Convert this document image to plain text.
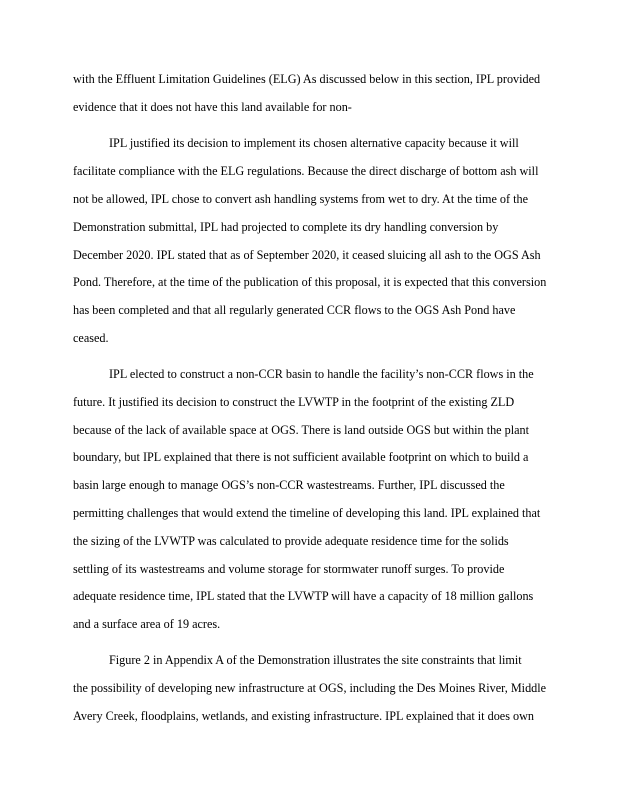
with the Effluent Limitation Guidelines (ELG) As discussed below in this section, IPL provided
evidence that it does not have this land available for non-
IPL justified its decision to implement its chosen alternative capacity because it will
facilitate compliance with the ELG regulations. Because the direct discharge of bottom ash will
not be allowed, IPL chose to convert ash handling systems from wet to dry. At the time of the
Demonstration submittal, IPL had projected to complete its dry handling conversion by
December 2020. IPL stated that as of September 2020, it ceased sluicing all ash to the OGS Ash
Pond. Therefore, at the time of the publication of this proposal, it is expected that this conversion
has been completed and that all regularly generated CCR flows to the OGS Ash Pond have
ceased.
IPL elected to construct a non-CCR basin to handle the facility’s non-CCR flows in the
future. It justified its decision to construct the LVWTP in the footprint of the existing ZLD
because of the lack of available space at OGS. There is land outside OGS but within the plant
boundary, but IPL explained that there is not sufficient available footprint on which to build a
basin large enough to manage OGS’s non-CCR wastestreams. Further, IPL discussed the
permitting challenges that would extend the timeline of developing this land. IPL explained that
the sizing of the LVWTP was calculated to provide adequate residence time for the solids
settling of its wastestreams and volume storage for stormwater runoff surges. To provide
adequate residence time, IPL stated that the LVWTP will have a capacity of 18 million gallons
and a surface area of 19 acres.
Figure 2 in Appendix A of the Demonstration illustrates the site constraints that limit
the possibility of developing new infrastructure at OGS, including the Des Moines River, Middle
Avery Creek, floodplains, wetlands, and existing infrastructure. IPL explained that it does own
